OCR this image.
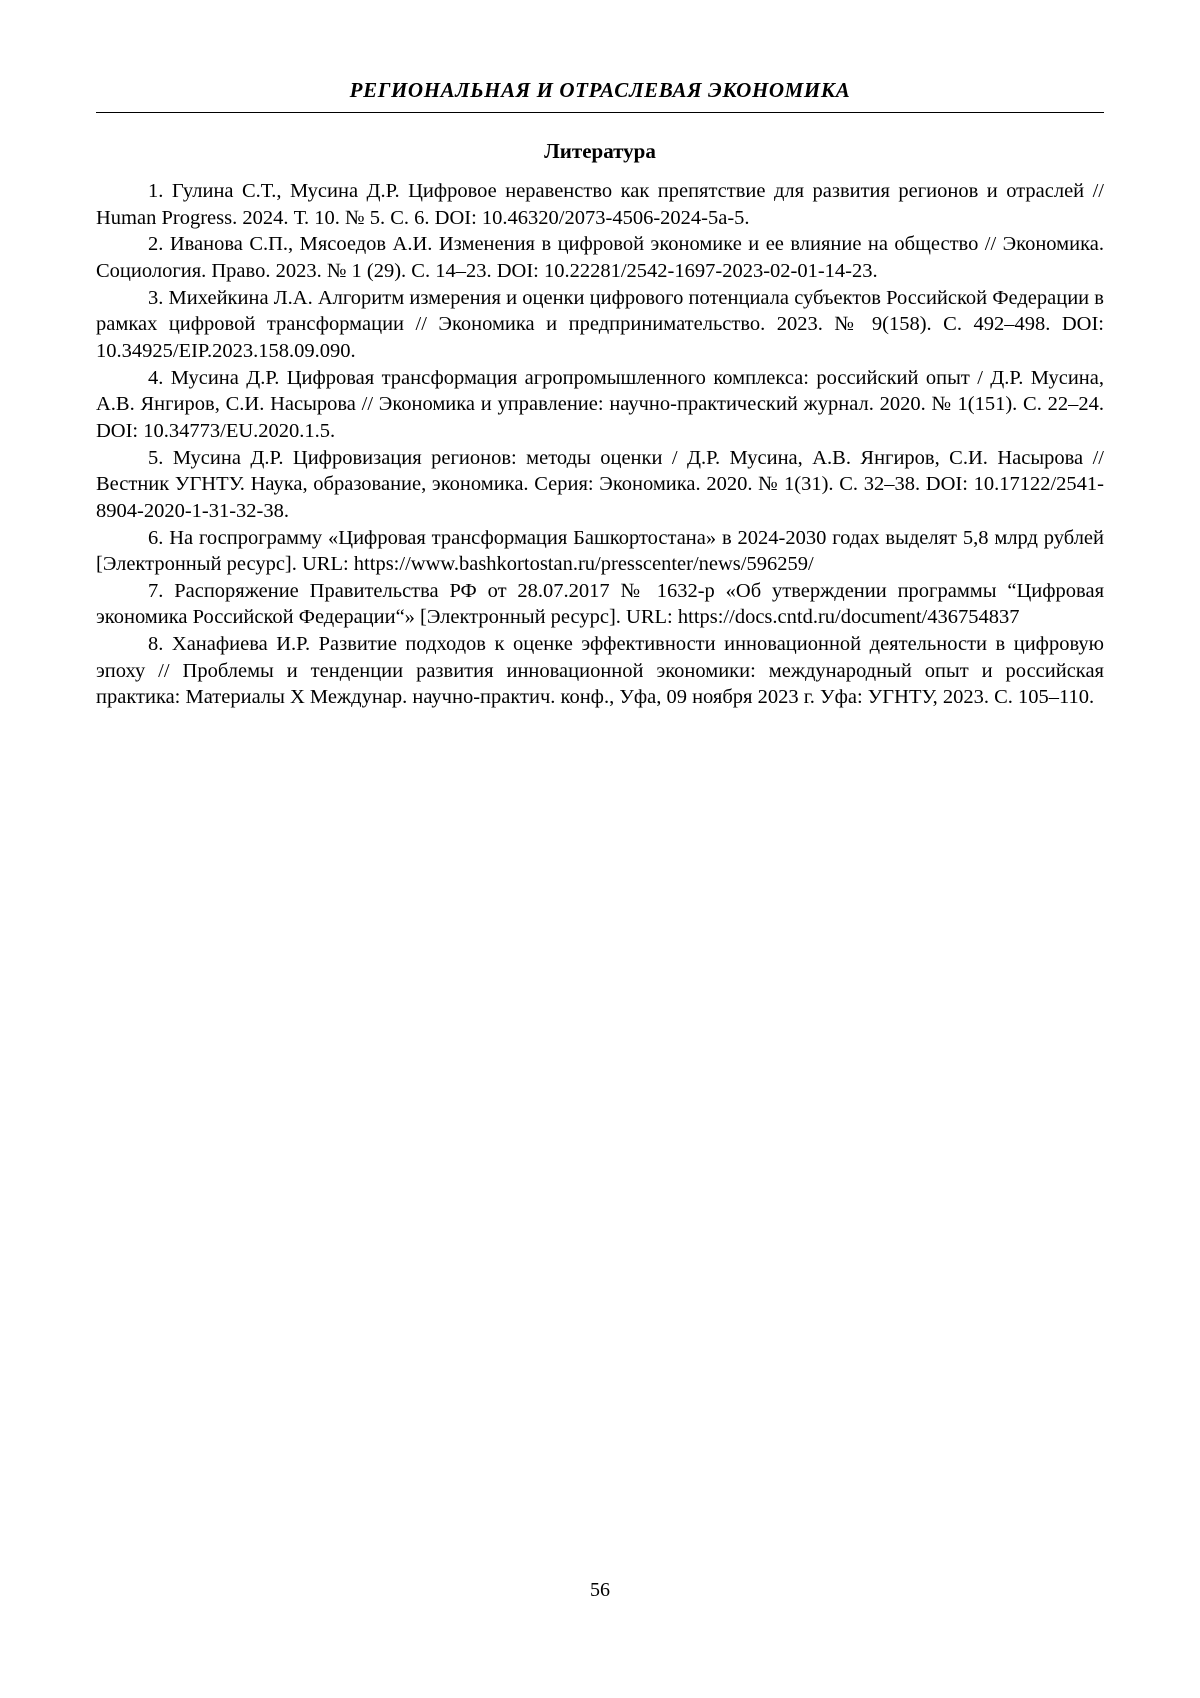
РЕГИОНАЛЬНАЯ И ОТРАСЛЕВАЯ ЭКОНОМИКА
Литература

1. Гулина С.Т., Мусина Д.Р. Цифровое неравенство как препятствие для развития регионов и отраслей // Human Progress. 2024. Т. 10. № 5. С. 6. DOI: 10.46320/2073-4506-2024-5a-5.

2. Иванова С.П., Мясоедов А.И. Изменения в цифровой экономике и ее влияние на общество // Экономика. Социология. Право. 2023. № 1 (29). С. 14–23. DOI: 10.22281/2542-1697-2023-02-01-14-23.

3. Михейкина Л.А. Алгоритм измерения и оценки цифрового потенциала субъектов Российской Федерации в рамках цифровой трансформации // Экономика и предпринимательство. 2023. № 9(158). С. 492–498. DOI: 10.34925/EIP.2023.158.09.090.

4. Мусина Д.Р. Цифровая трансформация агропромышленного комплекса: российский опыт / Д.Р. Мусина, А.В. Янгиров, С.И. Насырова // Экономика и управление: научно-практический журнал. 2020. № 1(151). С. 22–24. DOI: 10.34773/EU.2020.1.5.

5. Мусина Д.Р. Цифровизация регионов: методы оценки / Д.Р. Мусина, А.В. Янгиров, С.И. Насырова // Вестник УГНТУ. Наука, образование, экономика. Серия: Экономика. 2020. № 1(31). С. 32–38. DOI: 10.17122/2541-8904-2020-1-31-32-38.

6. На госпрограмму «Цифровая трансформация Башкортостана» в 2024-2030 годах выделят 5,8 млрд рублей [Электронный ресурс]. URL: https://www.bashkortostan.ru/presscenter/news/596259/

7. Распоряжение Правительства РФ от 28.07.2017 № 1632-р «Об утверждении программы “Цифровая экономика Российской Федерации“» [Электронный ресурс]. URL: https://docs.cntd.ru/document/436754837

8. Ханафиева И.Р. Развитие подходов к оценке эффективности инновационной деятельности в цифровую эпоху // Проблемы и тенденции развития инновационной экономики: международный опыт и российская практика: Материалы X Междунар. научно-практич. конф., Уфа, 09 ноября 2023 г. Уфа: УГНТУ, 2023. С. 105–110.

56
